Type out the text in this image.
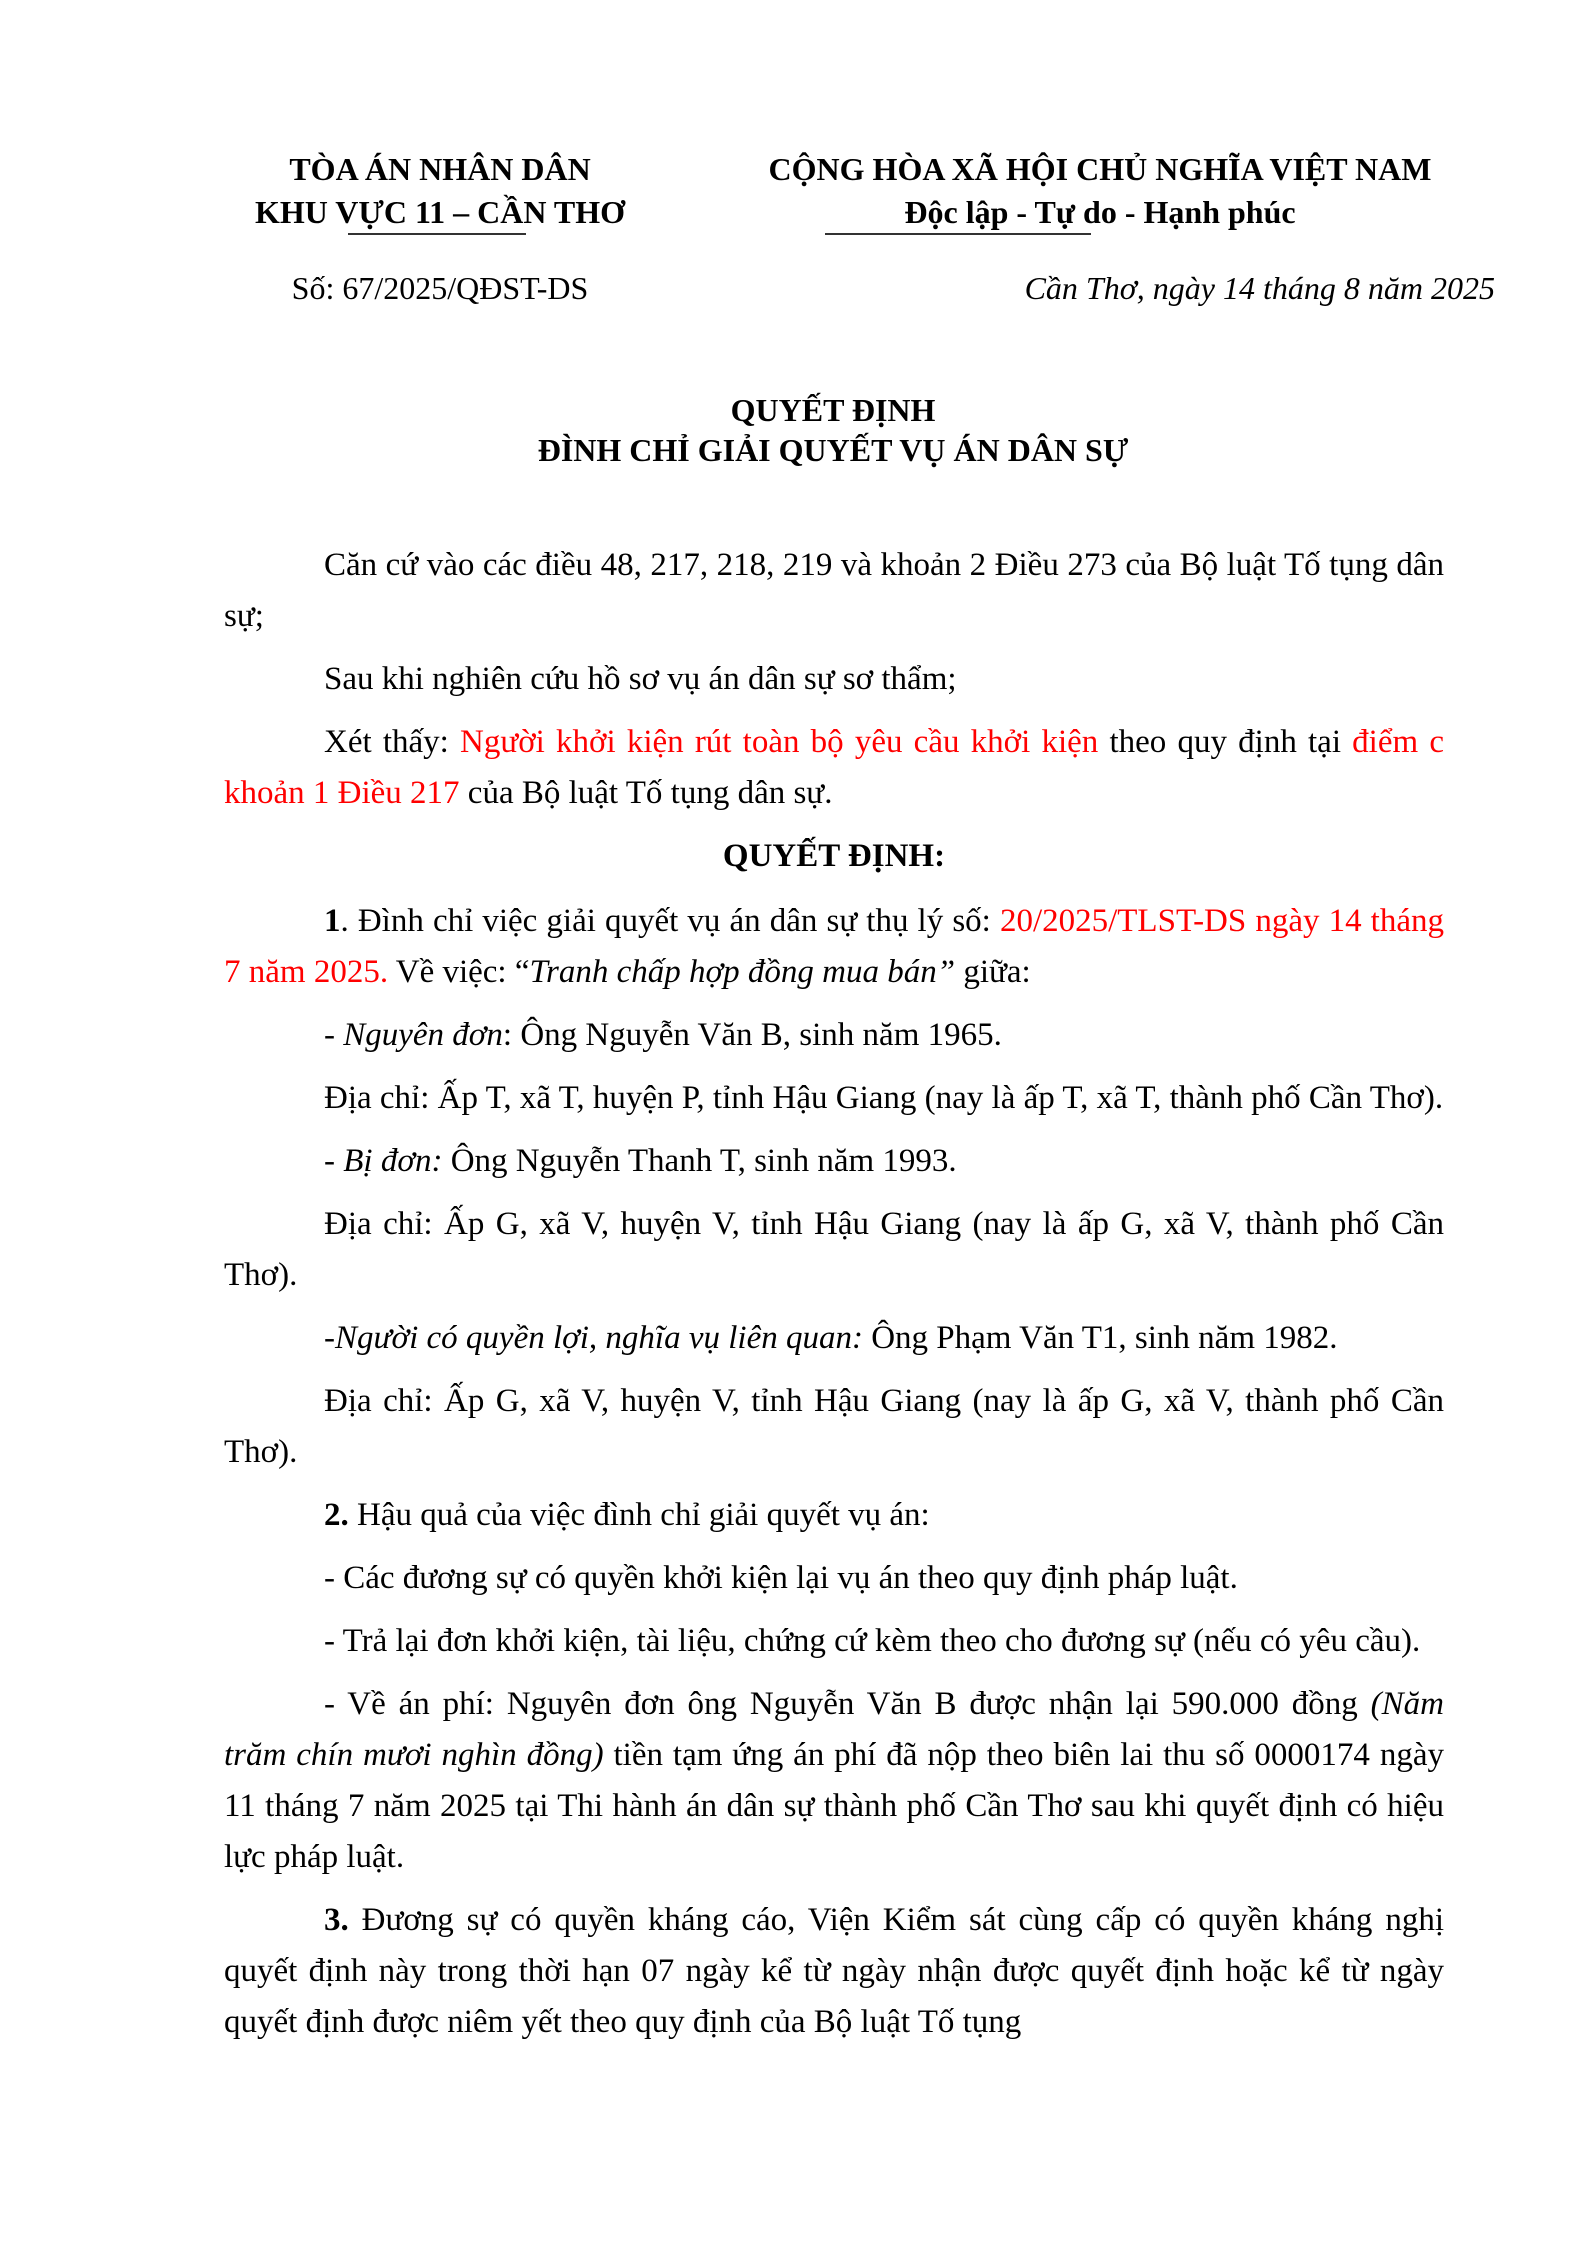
TÒA ÁN NHÂN DÂN
KHU VỰC 11 – CẦN THƠ
CỘNG HÒA XÃ HỘI CHỦ NGHĨA VIỆT NAM
Độc lập - Tự do - Hạnh phúc
Số: 67/2025/QĐST-DS	Cần Thơ, ngày 14 tháng 8 năm 2025
QUYẾT ĐỊNH
ĐÌNH CHỈ GIẢI QUYẾT VỤ ÁN DÂN SỰ

Căn cứ vào các điều 48, 217, 218, 219 và khoản 2 Điều 273 của Bộ luật Tố tụng dân sự;

Sau khi nghiên cứu hồ sơ vụ án dân sự sơ thẩm;

Xét thấy: Người khởi kiện rút toàn bộ yêu cầu khởi kiện theo quy định tại điểm c khoản 1 Điều 217 của Bộ luật Tố tụng dân sự.

QUYẾT ĐỊNH:

1. Đình chỉ việc giải quyết vụ án dân sự thụ lý số: 20/2025/TLST-DS ngày 14 tháng 7 năm 2025. Về việc: “Tranh chấp hợp đồng mua bán” giữa:

- Nguyên đơn: Ông Nguyễn Văn B, sinh năm 1965.

Địa chỉ: Ấp T, xã T, huyện P, tỉnh Hậu Giang (nay là ấp T, xã T, thành phố Cần Thơ).

- Bị đơn: Ông Nguyễn Thanh T, sinh năm 1993.

Địa chỉ: Ấp G, xã V, huyện V, tỉnh Hậu Giang (nay là ấp G, xã V, thành phố Cần Thơ).

-Người có quyền lợi, nghĩa vụ liên quan: Ông Phạm Văn T1, sinh năm 1982.

Địa chỉ: Ấp G, xã V, huyện V, tỉnh Hậu Giang (nay là ấp G, xã V, thành phố Cần Thơ).

2. Hậu quả của việc đình chỉ giải quyết vụ án:

- Các đương sự có quyền khởi kiện lại vụ án theo quy định pháp luật.

- Trả lại đơn khởi kiện, tài liệu, chứng cứ kèm theo cho đương sự (nếu có yêu cầu).

- Về án phí: Nguyên đơn ông Nguyễn Văn B được nhận lại 590.000 đồng (Năm trăm chín mươi nghìn đồng) tiền tạm ứng án phí đã nộp theo biên lai thu số 0000174 ngày 11 tháng 7 năm 2025 tại Thi hành án dân sự thành phố Cần Thơ sau khi quyết định có hiệu lực pháp luật.

3. Đương sự có quyền kháng cáo, Viện Kiểm sát cùng cấp có quyền kháng nghị quyết định này trong thời hạn 07 ngày kể từ ngày nhận được quyết định hoặc kể từ ngày quyết định được niêm yết theo quy định của Bộ luật Tố tụng
